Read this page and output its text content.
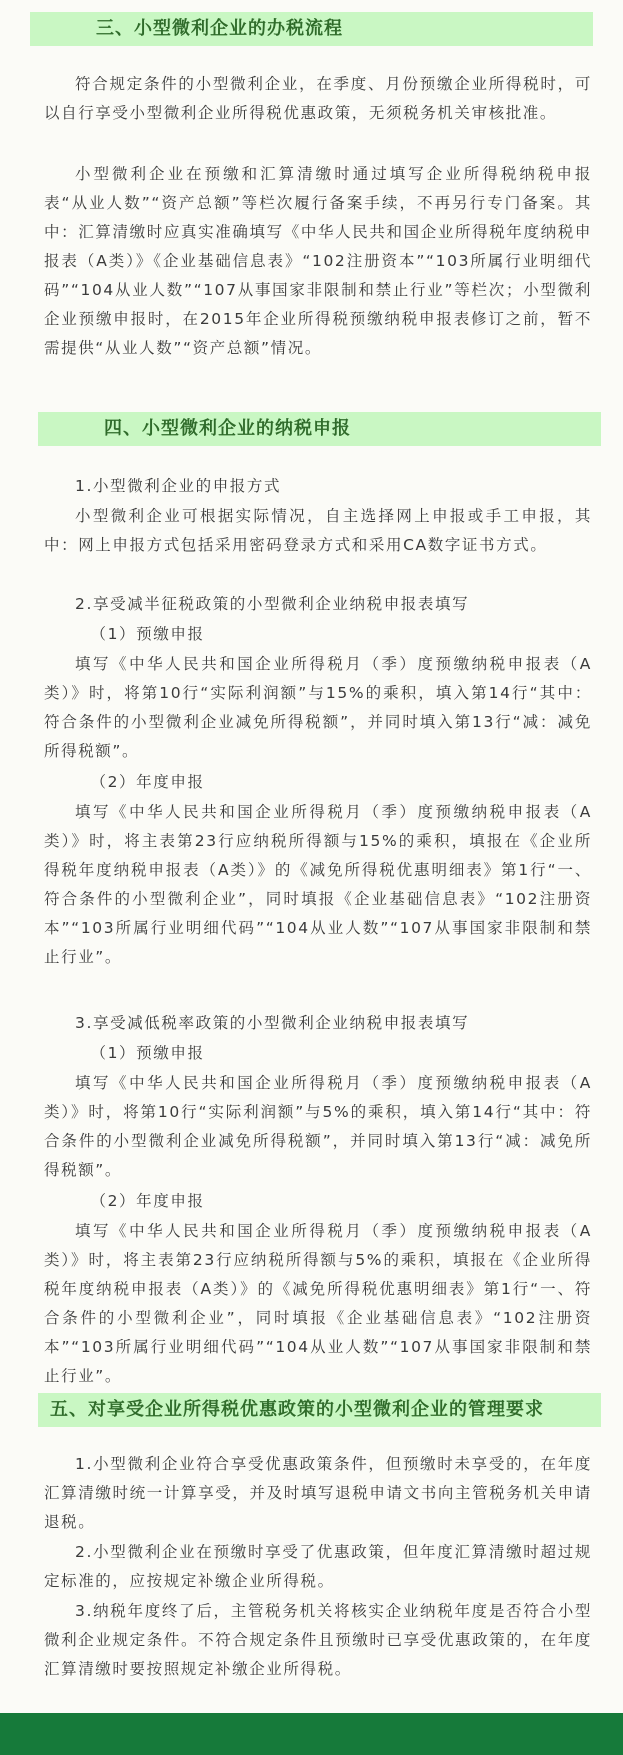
三、小型微利企业的办税流程
符合规定条件的小型微利企业，在季度、月份预缴企业所得税时，可以自行享受小型微利企业所得税优惠政策，无须税务机关审核批准。
小型微利企业在预缴和汇算清缴时通过填写企业所得税纳税申报表“从业人数”“资产总额”等栏次履行备案手续，不再另行专门备案。其中：汇算清缴时应真实准确填写《中华人民共和国企业所得税年度纳税申报表（A类）》《企业基础信息表》“102注册资本”“103所属行业明细代码”“104从业人数”“107从事国家非限制和禁止行业”等栏次；小型微利企业预缴申报时，在2015年企业所得税预缴纳税申报表修订之前，暂不需提供“从业人数”“资产总额”情况。
四、小型微利企业的纳税申报
1.小型微利企业的申报方式
小型微利企业可根据实际情况，自主选择网上申报或手工申报，其中：网上申报方式包括采用密码登录方式和采用CA数字证书方式。
2.享受减半征税政策的小型微利企业纳税申报表填写
（1）预缴申报
填写《中华人民共和国企业所得税月（季）度预缴纳税申报表（A类）》时，将第10行“实际利润额”与15%的乘积，填入第14行“其中：符合条件的小型微利企业减免所得税额”，并同时填入第13行“减：减免所得税额”。
（2）年度申报
填写《中华人民共和国企业所得税月（季）度预缴纳税申报表（A类）》时，将主表第23行应纳税所得额与15%的乘积，填报在《企业所得税年度纳税申报表（A类）》的《减免所得税优惠明细表》第1行“一、符合条件的小型微利企业”，同时填报《企业基础信息表》“102注册资本”“103所属行业明细代码”“104从业人数”“107从事国家非限制和禁止行业”。
3.享受减低税率政策的小型微利企业纳税申报表填写
（1）预缴申报
填写《中华人民共和国企业所得税月（季）度预缴纳税申报表（A类）》时，将第10行“实际利润额”与5%的乘积，填入第14行“其中：符合条件的小型微利企业减免所得税额”，并同时填入第13行“减：减免所得税额”。
（2）年度申报
填写《中华人民共和国企业所得税月（季）度预缴纳税申报表（A类）》时，将主表第23行应纳税所得额与5%的乘积，填报在《企业所得税年度纳税申报表（A类）》的《减免所得税优惠明细表》第1行“一、符合条件的小型微利企业”，同时填报《企业基础信息表》“102注册资本”“103所属行业明细代码”“104从业人数”“107从事国家非限制和禁止行业”。
五、对享受企业所得税优惠政策的小型微利企业的管理要求
1.小型微利企业符合享受优惠政策条件，但预缴时未享受的，在年度汇算清缴时统一计算享受，并及时填写退税申请文书向主管税务机关申请退税。
2.小型微利企业在预缴时享受了优惠政策，但年度汇算清缴时超过规定标准的，应按规定补缴企业所得税。
3.纳税年度终了后，主管税务机关将核实企业纳税年度是否符合小型微利企业规定条件。不符合规定条件且预缴时已享受优惠政策的，在年度汇算清缴时要按照规定补缴企业所得税。
